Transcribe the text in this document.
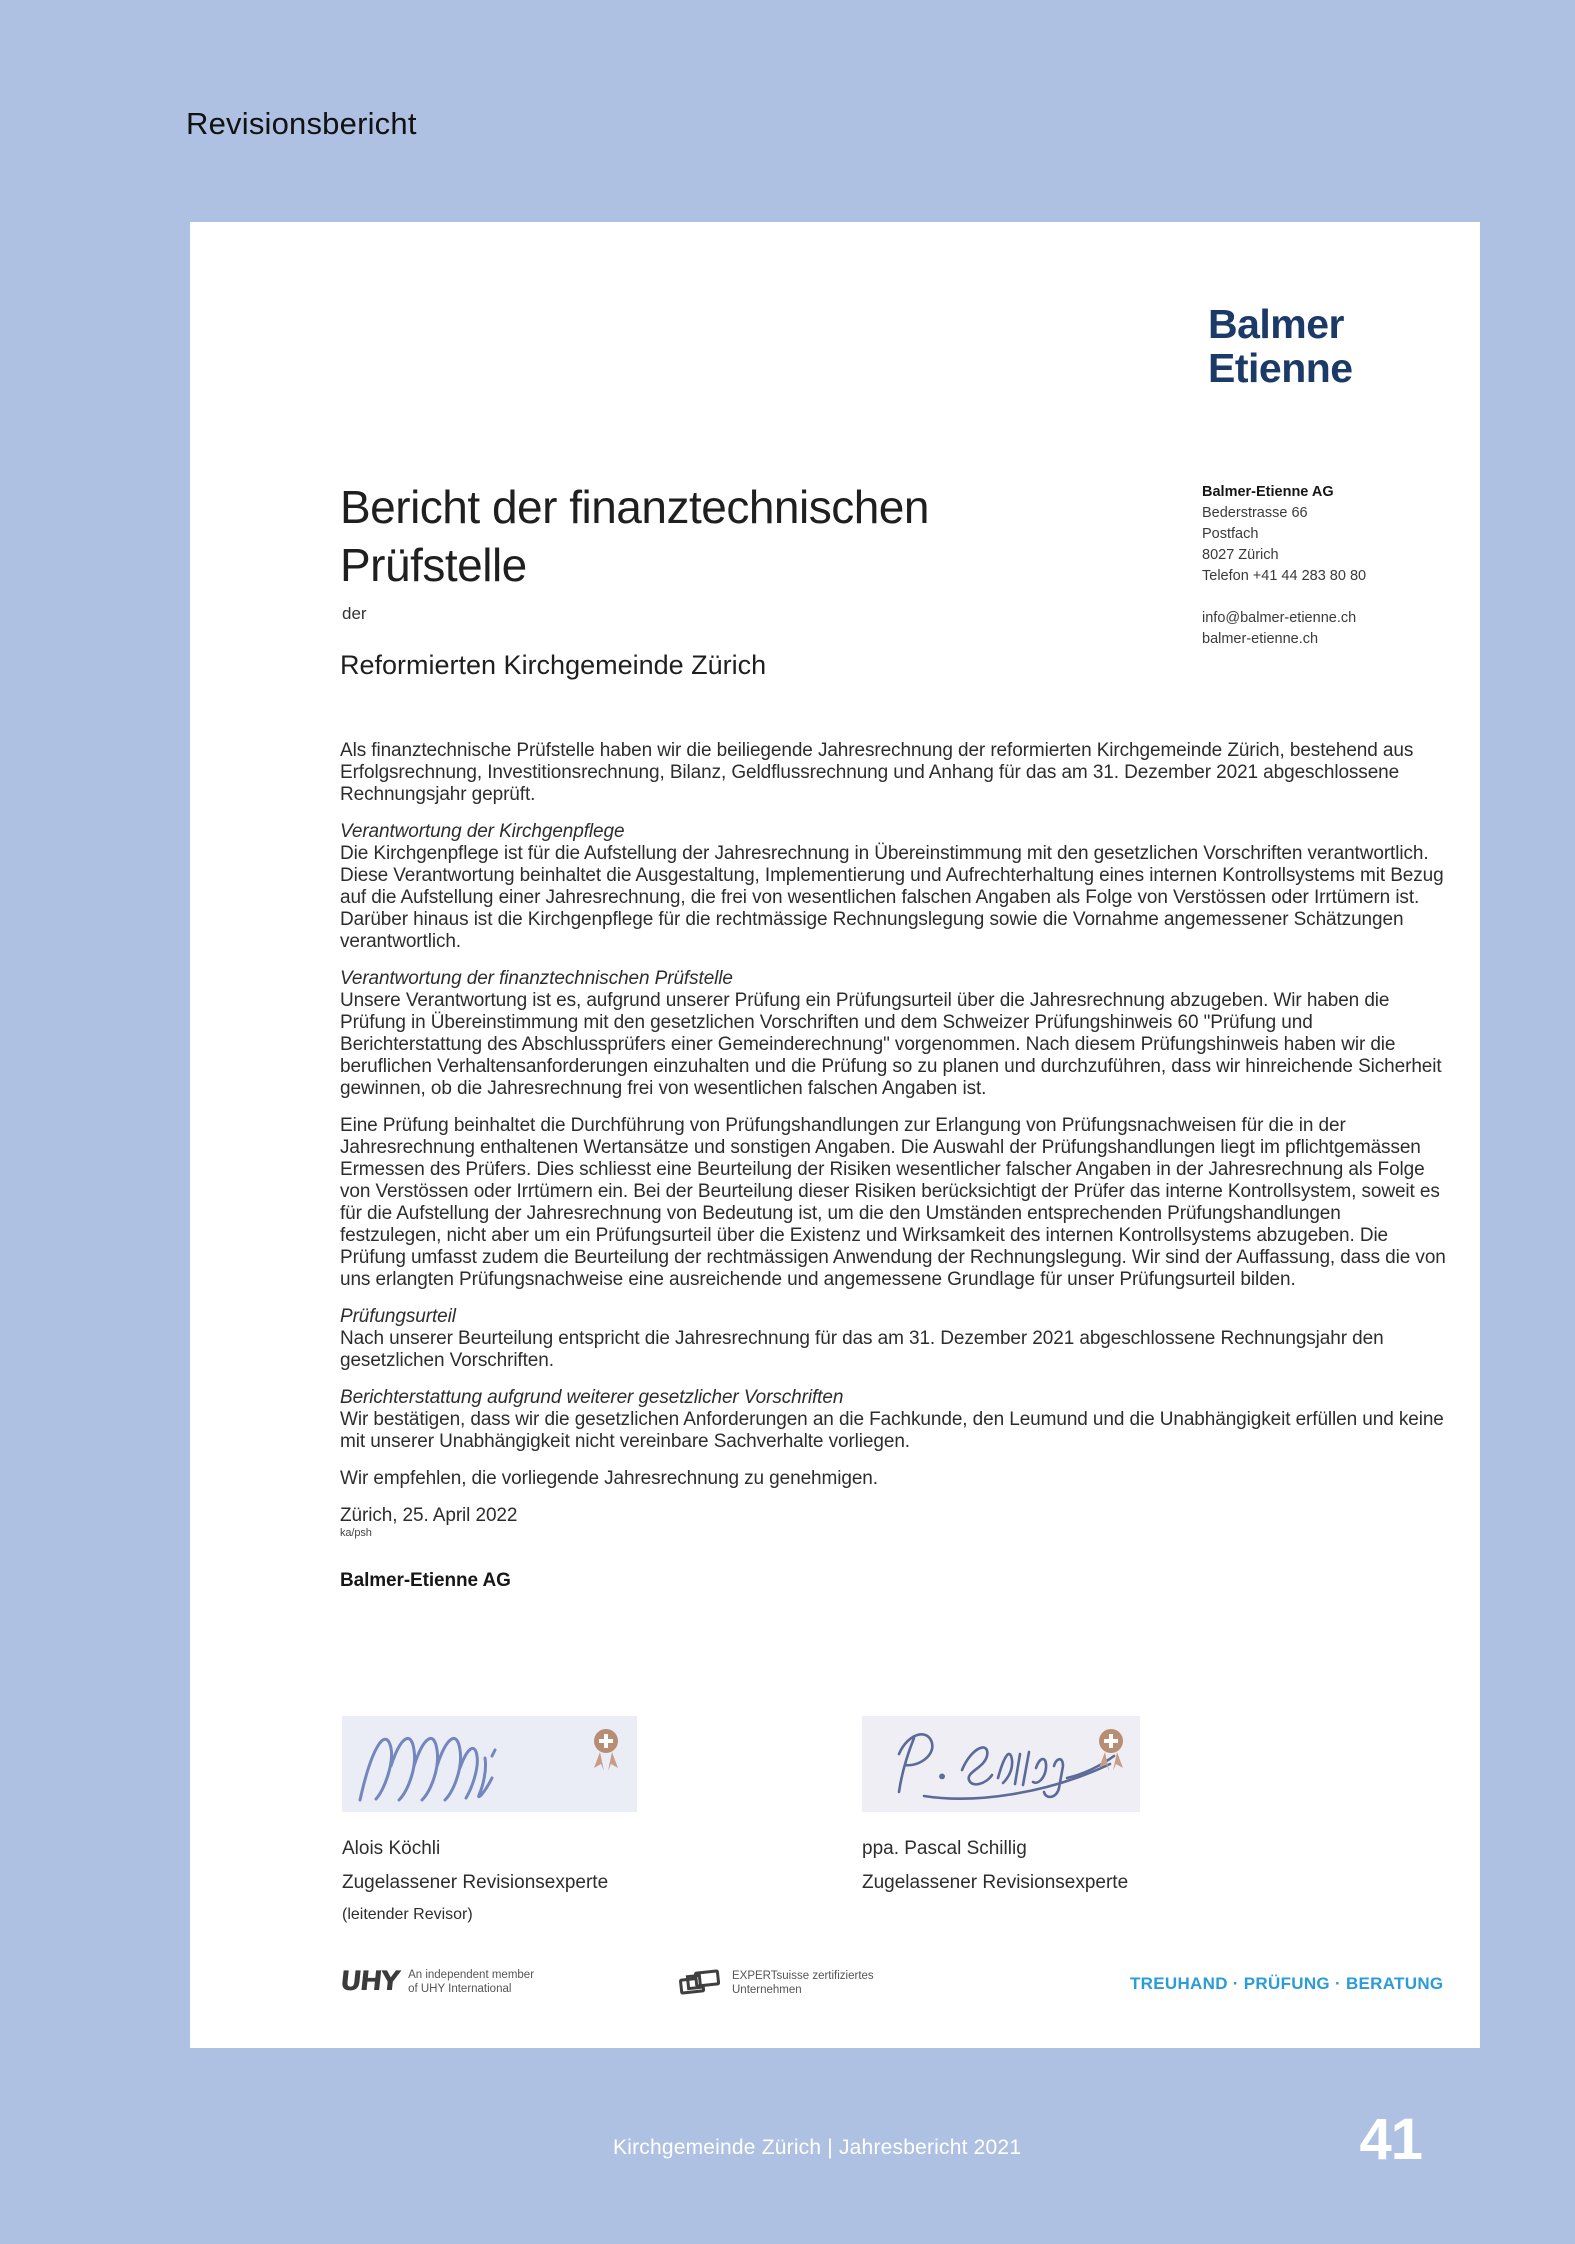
Revisionsbericht
Balmer
Etienne
Bericht der finanztechnischen
Prüfstelle
der
Reformierten Kirchgemeinde Zürich
Balmer-Etienne AG
Bederstrasse 66
Postfach
8027 Zürich
Telefon +41 44 283 80 80
info@balmer-etienne.ch
balmer-etienne.ch

Als finanztechnische Prüfstelle haben wir die beiliegende Jahresrechnung der reformierten Kirchgemeinde Zürich, bestehend aus Erfolgsrechnung, Investitionsrechnung, Bilanz, Geldflussrechnung und Anhang für das am 31. Dezember 2021 abgeschlossene Rechnungsjahr geprüft.

Verantwortung der Kirchgenpflege

Die Kirchgenpflege ist für die Aufstellung der Jahresrechnung in Übereinstimmung mit den gesetzlichen Vorschriften verantwortlich. Diese Verantwortung beinhaltet die Ausgestaltung, Implementierung und Aufrechterhaltung eines internen Kontrollsystems mit Bezug auf die Aufstellung einer Jahresrechnung, die frei von wesentlichen falschen Angaben als Folge von Verstössen oder Irrtümern ist. Darüber hinaus ist die Kirchgenpflege für die rechtmässige Rechnungslegung sowie die Vornahme angemessener Schätzungen verantwortlich.

Verantwortung der finanztechnischen Prüfstelle

Unsere Verantwortung ist es, aufgrund unserer Prüfung ein Prüfungsurteil über die Jahresrechnung abzugeben. Wir haben die Prüfung in Übereinstimmung mit den gesetzlichen Vorschriften und dem Schweizer Prüfungshinweis 60 "Prüfung und Berichterstattung des Abschlussprüfers einer Gemeinderechnung" vorgenommen. Nach diesem Prüfungshinweis haben wir die beruflichen Verhaltensanforderungen einzuhalten und die Prüfung so zu planen und durchzuführen, dass wir hinreichende Sicherheit gewinnen, ob die Jahresrechnung frei von wesentlichen falschen Angaben ist.

Eine Prüfung beinhaltet die Durchführung von Prüfungshandlungen zur Erlangung von Prüfungsnachweisen für die in der Jahresrechnung enthaltenen Wertansätze und sonstigen Angaben. Die Auswahl der Prüfungshandlungen liegt im pflichtgemässen Ermessen des Prüfers. Dies schliesst eine Beurteilung der Risiken wesentlicher falscher Angaben in der Jahresrechnung als Folge von Verstössen oder Irrtümern ein. Bei der Beurteilung dieser Risiken berücksichtigt der Prüfer das interne Kontrollsystem, soweit es für die Aufstellung der Jahresrechnung von Bedeutung ist, um die den Umständen entsprechenden Prüfungshandlungen festzulegen, nicht aber um ein Prüfungsurteil über die Existenz und Wirksamkeit des internen Kontrollsystems abzugeben. Die Prüfung umfasst zudem die Beurteilung der rechtmässigen Anwendung der Rechnungslegung. Wir sind der Auffassung, dass die von uns erlangten Prüfungsnachweise eine ausreichende und angemessene Grundlage für unser Prüfungsurteil bilden.

Prüfungsurteil

Nach unserer Beurteilung entspricht die Jahresrechnung für das am 31. Dezember 2021 abgeschlossene Rechnungsjahr den gesetzlichen Vorschriften.

Berichterstattung aufgrund weiterer gesetzlicher Vorschriften

Wir bestätigen, dass wir die gesetzlichen Anforderungen an die Fachkunde, den Leumund und die Unabhängigkeit erfüllen und keine mit unserer Unabhängigkeit nicht vereinbare Sachverhalte vorliegen.

Wir empfehlen, die vorliegende Jahresrechnung zu genehmigen.

Zürich, 25. April 2022

ka/psh

Balmer-Etienne AG

Alois Köchli
Zugelassener Revisionsexperte
(leitender Revisor)
ppa. Pascal Schillig
Zugelassener Revisionsexperte
UHY An independent member
of UHY International
EXPERTsuisse zertifiziertes
Unternehmen	TREUHAND · PRÜFUNG · BERATUNG
Kirchgemeinde Zürich | Jahresbericht 2021	41
